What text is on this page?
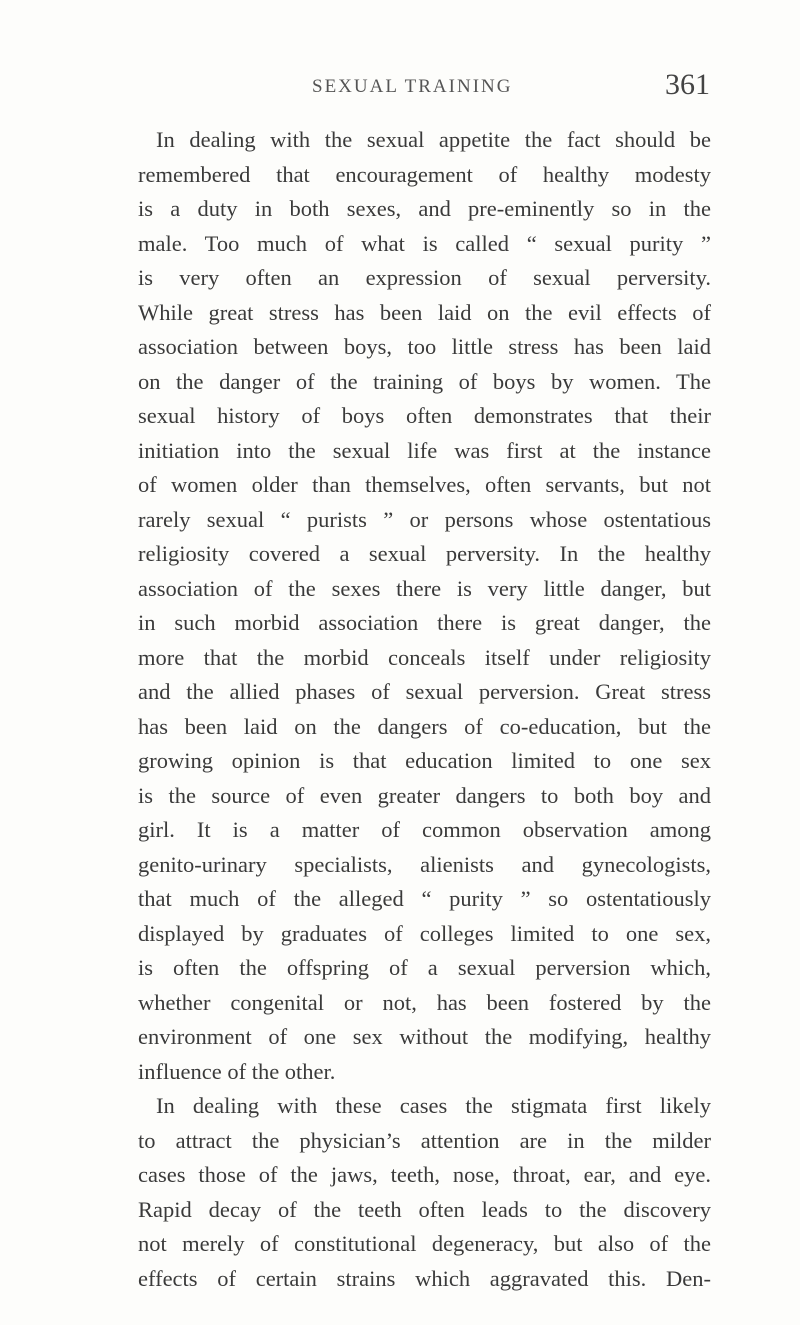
SEXUAL TRAINING	361
In dealing with the sexual appetite the fact should be
remembered that encouragement of healthy modesty
is a duty in both sexes, and pre-eminently so in the
male. Too much of what is called “ sexual purity ”
is very often an expression of sexual perversity.
While great stress has been laid on the evil effects of
association between boys, too little stress has been laid
on the danger of the training of boys by women. The
sexual history of boys often demonstrates that their
initiation into the sexual life was first at the instance
of women older than themselves, often servants, but not
rarely sexual “ purists ” or persons whose ostentatious
religiosity covered a sexual perversity. In the healthy
association of the sexes there is very little danger, but
in such morbid association there is great danger, the
more that the morbid conceals itself under religiosity
and the allied phases of sexual perversion. Great stress
has been laid on the dangers of co-education, but the
growing opinion is that education limited to one sex
is the source of even greater dangers to both boy and
girl. It is a matter of common observation among
genito-urinary specialists, alienists and gynecologists,
that much of the alleged “ purity ” so ostentatiously
displayed by graduates of colleges limited to one sex,
is often the offspring of a sexual perversion which,
whether congenital or not, has been fostered by the
environment of one sex without the modifying, healthy
influence of the other.
In dealing with these cases the stigmata first likely
to attract the physician’s attention are in the milder
cases those of the jaws, teeth, nose, throat, ear, and eye.
Rapid decay of the teeth often leads to the discovery
not merely of constitutional degeneracy, but also of the
effects of certain strains which aggravated this. Den-
